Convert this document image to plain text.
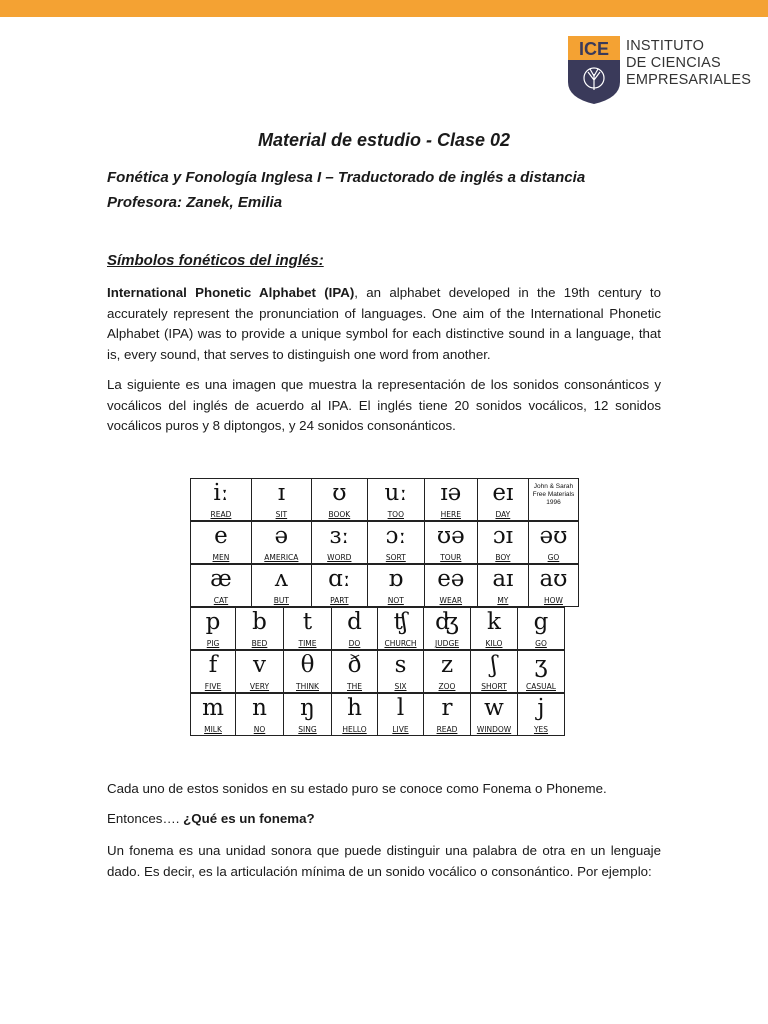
ICE INSTITUTO
DE CIENCIAS
EMPRESARIALES
Material de estudio - Clase 02
Fonética y Fonología Inglesa I – Traductorado de inglés a distancia
Profesora: Zanek, Emilia
Símbolos fonéticos del inglés:
International Phonetic Alphabet (IPA), an alphabet developed in the 19th century to accurately represent the pronunciation of languages. One aim of the International Phonetic Alphabet (IPA) was to provide a unique symbol for each distinctive sound in a language, that is, every sound, that serves to distinguish one word from another.
La siguiente es una imagen que muestra la representación de los sonidos consonánticos y vocálicos del inglés de acuerdo al IPA. El inglés tiene 20 sonidos vocálicos, 12 sonidos vocálicos puros y 8 diptongos, y 24 sonidos consonánticos.
iː
READ
ɪ
SIT
ʊ
BOOK
uː
TOO
ɪə
HERE
eɪ
DAY
John & Sarah Free Materials 1996
e
MEN
ə
AMERICA
ɜː
WORD
ɔː
SORT
ʊə
TOUR
ɔɪ
BOY
əʊ
GO
æ
CAT
ʌ
BUT
ɑː
PART
ɒ
NOT
eə
WEAR
aɪ
MY
aʊ
HOW
p
PIG
b
BED
t
TIME
d
DO
ʧ
CHURCH
ʤ
JUDGE
k
KILO
g
GO
f
FIVE
v
VERY
θ
THINK
ð
THE
s
SIX
z
ZOO
ʃ
SHORT
ʒ
CASUAL
m
MILK
n
NO
ŋ
SING
h
HELLO
l
LIVE
r
READ
w
WINDOW
j
YES
Cada uno de estos sonidos en su estado puro se conoce como Fonema o Phoneme.
Entonces…. ¿Qué es un fonema?
Un fonema es una unidad sonora que puede distinguir una palabra de otra en un lenguaje dado. Es decir, es la articulación mínima de un sonido vocálico o consonántico. Por ejemplo:
